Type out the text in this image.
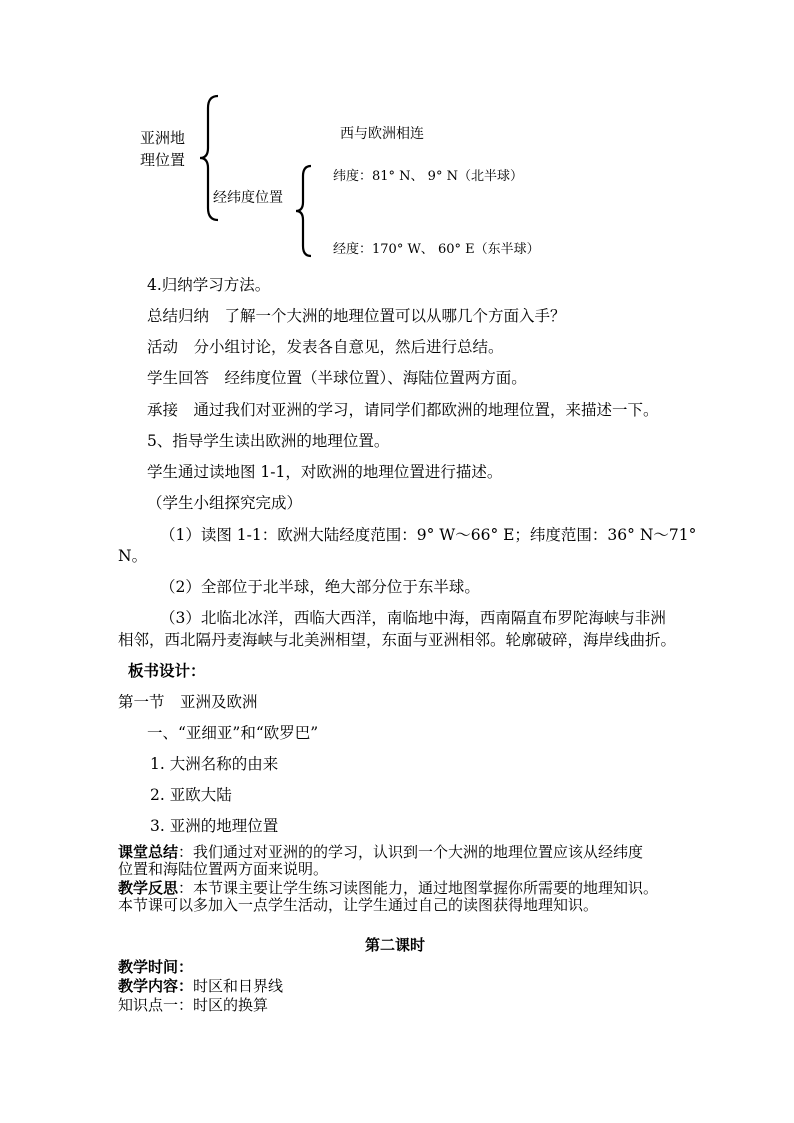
亚洲地
理位置
西与欧洲相连
经纬度位置
纬度：81° N、 9° N（北半球）
经度：170° W、 60° E（东半球）
4.归纳学习方法。
总结归纳　了解一个大洲的地理位置可以从哪几个方面入手？
活动　分小组讨论，发表各自意见，然后进行总结。
学生回答　经纬度位置（半球位置）、海陆位置两方面。
承接　通过我们对亚洲的学习，请同学们都欧洲的地理位置，来描述一下。
5、指导学生读出欧洲的地理位置。
学生通过读地图 1-1，对欧洲的地理位置进行描述。
（学生小组探究完成）
（1）读图 1-1：欧洲大陆经度范围：9° W～66° E；纬度范围：36° N～71°
N。
（2）全部位于北半球，绝大部分位于东半球。
（3）北临北冰洋，西临大西洋，南临地中海，西南隔直布罗陀海峡与非洲
相邻，西北隔丹麦海峡与北美洲相望，东面与亚洲相邻。轮廓破碎，海岸线曲折。
板书设计：
第一节　亚洲及欧洲
一、“亚细亚”和“欧罗巴”
1. 大洲名称的由来
2. 亚欧大陆
3. 亚洲的地理位置
课堂总结：我们通过对亚洲的的学习，认识到一个大洲的地理位置应该从经纬度
位置和海陆位置两方面来说明。
教学反思：本节课主要让学生练习读图能力，通过地图掌握你所需要的地理知识。
本节课可以多加入一点学生活动，让学生通过自己的读图获得地理知识。
第二课时
教学时间：
教学内容：时区和日界线
知识点一：时区的换算
